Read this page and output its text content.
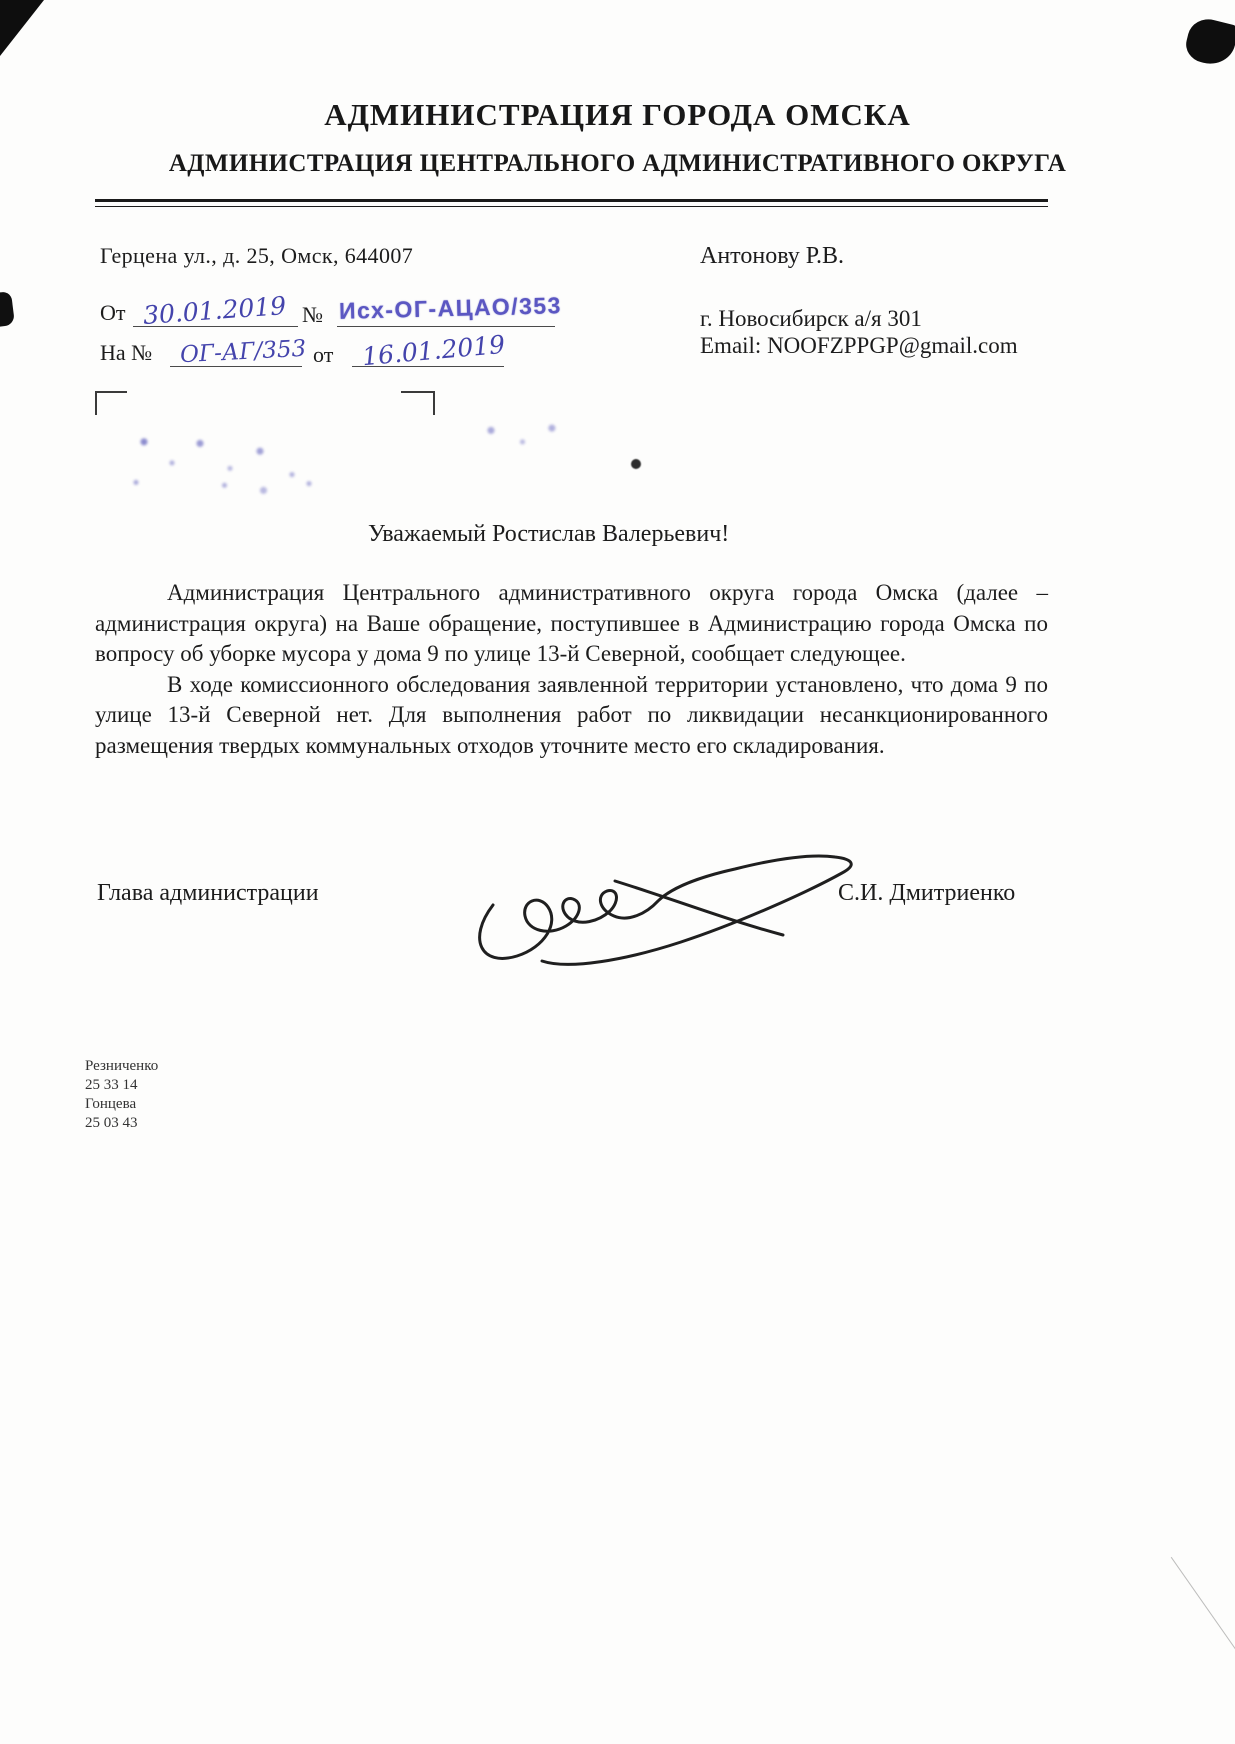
АДМИНИСТРАЦИЯ ГОРОДА ОМСКА
АДМИНИСТРАЦИЯ ЦЕНТРАЛЬНОГО АДМИНИСТРАТИВНОГО ОКРУГА
Герцена ул., д. 25, Омск, 644007
От 30.01.2019 № Исх-ОГ-АЦАО/353
На № ОГ-АГ/353 от 16.01.2019
Антонову Р.В.
г. Новосибирск а/я 301
Email: NOOFZPPGP@gmail.com
Уважаемый Ростислав Валерьевич!

Администрация Центрального административного округа города Омска (далее – администрация округа) на Ваше обращение, поступившее в Администрацию города Омска по вопросу об уборке мусора у дома 9 по улице 13-й Северной, сообщает следующее.

В ходе комиссионного обследования заявленной территории установлено, что дома 9 по улице 13-й Северной нет. Для выполнения работ по ликвидации несанкционированного размещения твердых коммунальных отходов уточните место его складирования.

Глава администрации	С.И. Дмитриенко
Резниченко
25 33 14
Гонцева
25 03 43
